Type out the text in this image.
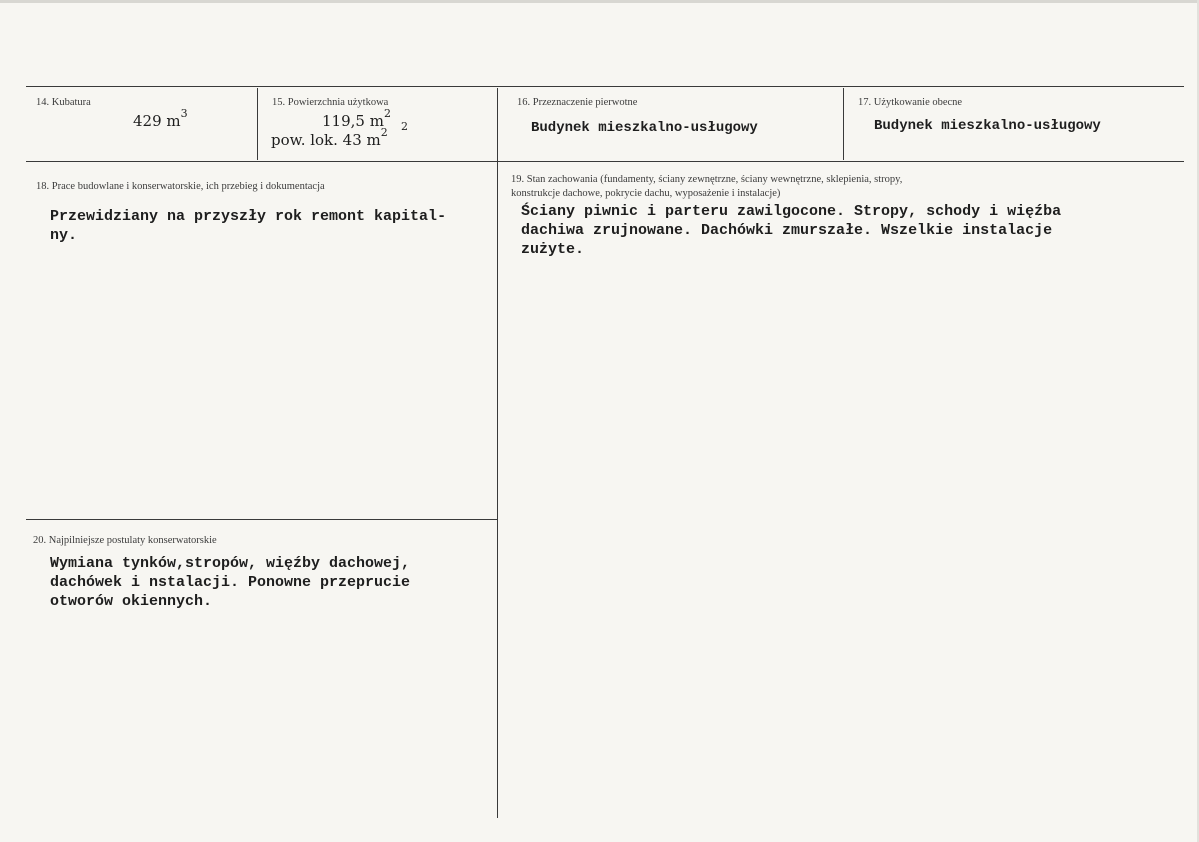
14. Kubatura
429 $m^3$
15. Powierzchnia użytkowa
119,5 $m^2_2$
pow. lok. 43 $m^2$
16. Przeznaczenie pierwotne
Budynek mieszkalno-usługowy
17. Użytkowanie obecne
Budynek mieszkalno-usługowy
18. Prace budowlane i konserwatorskie, ich przebieg i dokumentacja
Przewidziany na przyszły rok remont kapital-
ny.
19. Stan zachowania (fundamenty, ściany zewnętrzne, ściany wewnętrzne, sklepienia, stropy,
konstrukcje dachowe, pokrycie dachu, wyposażenie i instalacje)
Ściany piwnic i parteru zawilgocone. Stropy, schody i więźba
dachiwa zrujnowane. Dachówki zmurszałe. Wszelkie instalacje
zużyte.
20. Najpilniejsze postulaty konserwatorskie
Wymiana tynków,stropów, więźby dachowej,
dachówek i nstalacji. Ponowne przeprucie
otworów okiennych.
